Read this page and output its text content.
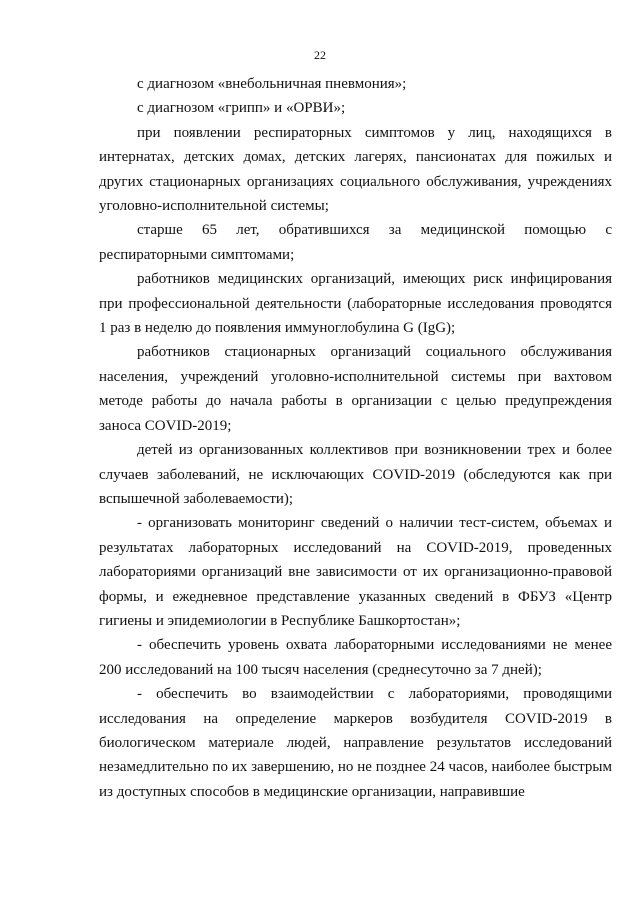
22

с диагнозом «внебольничная пневмония»;

с диагнозом «грипп» и «ОРВИ»;

при появлении респираторных симптомов у лиц, находящихся в интернатах, детских домах, детских лагерях, пансионатах для пожилых и других стационарных организациях социального обслуживания, учреждениях уголовно-исполнительной системы;

старше 65 лет, обратившихся за медицинской помощью с респираторными симптомами;

работников медицинских организаций, имеющих риск инфицирования при профессиональной деятельности (лабораторные исследования проводятся 1 раз в неделю до появления иммуноглобулина G (IgG);

работников стационарных организаций социального обслуживания населения, учреждений уголовно-исполнительной системы при вахтовом методе работы до начала работы в организации с целью предупреждения заноса COVID-2019;

детей из организованных коллективов при возникновении трех и более случаев заболеваний, не исключающих COVID-2019 (обследуются как при вспышечной заболеваемости);

- организовать мониторинг сведений о наличии тест-систем, объемах и результатах лабораторных исследований на COVID-2019, проведенных лабораториями организаций вне зависимости от их организационно-правовой формы, и ежедневное представление указанных сведений в ФБУЗ «Центр гигиены и эпидемиологии в Республике Башкортостан»;

- обеспечить уровень охвата лабораторными исследованиями не менее 200 исследований на 100 тысяч населения (среднесуточно за 7 дней);

- обеспечить во взаимодействии с лабораториями, проводящими исследования на определение маркеров возбудителя COVID-2019 в биологическом материале людей, направление результатов исследований незамедлительно по их завершению, но не позднее 24 часов, наиболее быстрым из доступных способов в медицинские организации, направившие
